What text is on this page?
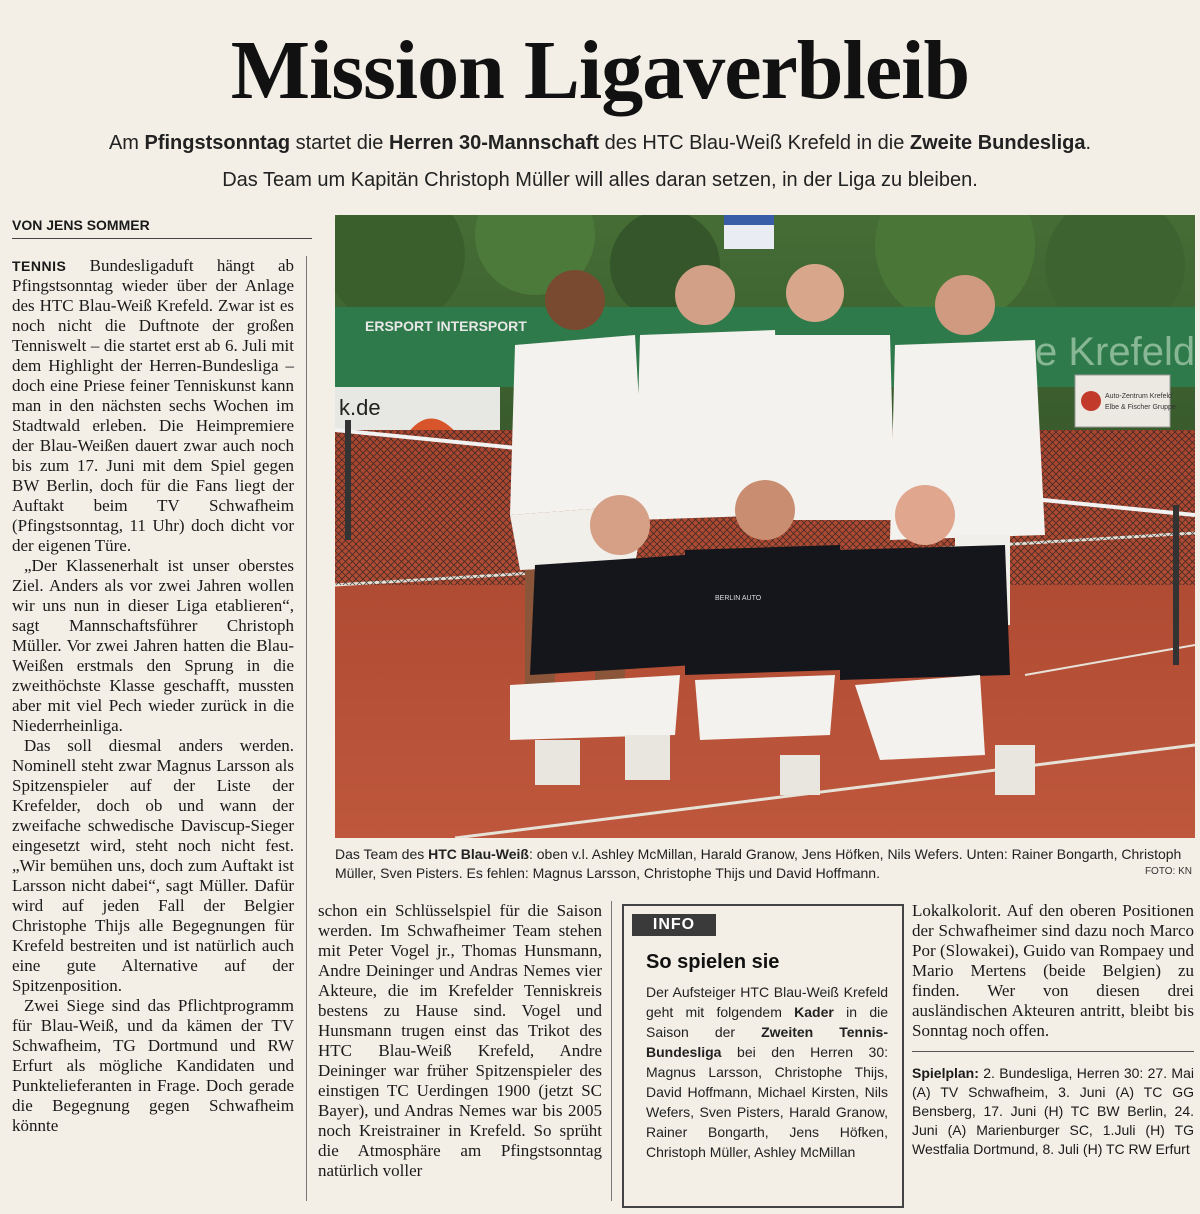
Mission Ligaverbleib
Am Pfingstsonntag startet die Herren 30-Mannschaft des HTC Blau-Weiß Krefeld in die Zweite Bundesliga.
Das Team um Kapitän Christoph Müller will alles daran setzen, in der Liga zu bleiben.
VON JENS SOMMER

TENNIS Bundesligaduft hängt ab Pfingstsonntag wieder über der Anlage des HTC Blau-Weiß Krefeld. Zwar ist es noch nicht die Duftnote der großen Tenniswelt – die startet erst ab 6. Juli mit dem Highlight der Herren-Bundesliga – doch eine Priese feiner Tenniskunst kann man in den nächsten sechs Wochen im Stadtwald erleben. Die Heimpremiere der Blau-Weißen dauert zwar auch noch bis zum 17. Juni mit dem Spiel gegen BW Berlin, doch für die Fans liegt der Auftakt beim TV Schwafheim (Pfingstsonntag, 11 Uhr) doch dicht vor der eigenen Türe.

„Der Klassenerhalt ist unser oberstes Ziel. Anders als vor zwei Jahren wollen wir uns nun in dieser Liga etablieren“, sagt Mannschaftsführer Christoph Müller. Vor zwei Jahren hatten die Blau-Weißen erstmals den Sprung in die zweithöchste Klasse geschafft, mussten aber mit viel Pech wieder zurück in die Niederrheinliga.

Das soll diesmal anders werden. Nominell steht zwar Magnus Larsson als Spitzenspieler auf der Liste der Krefelder, doch ob und wann der zweifache schwedische Daviscup-Sieger eingesetzt wird, steht noch nicht fest. „Wir bemühen uns, doch zum Auftakt ist Larsson nicht dabei“, sagt Müller. Dafür wird auf jeden Fall der Belgier Christophe Thijs alle Begegnungen für Krefeld bestreiten und ist natürlich auch eine gute Alternative auf der Spitzenposition.

Zwei Siege sind das Pflichtprogramm für Blau-Weiß, und da kämen der TV Schwafheim, TG Dortmund und RW Erfurt als mögliche Kandidaten und Punktelieferanten in Frage. Doch gerade die Begegnung gegen Schwafheim könnte

ERSPORT INTERSPORT
e Krefeld
k.de	Auto-Zentrum Krefeld
Elbe & Fischer Gruppe
BERLIN AUTO
Das Team des HTC Blau-Weiß: oben v.l. Ashley McMillan, Harald Granow, Jens Höfken, Nils Wefers. Unten: Rainer Bongarth, Christoph Müller, Sven Pisters. Es fehlen: Magnus Larsson, Christophe Thijs und David Hoffmann.	FOTO: KN

schon ein Schlüsselspiel für die Saison werden. Im Schwafheimer Team stehen mit Peter Vogel jr., Thomas Hunsmann, Andre Deininger und Andras Nemes vier Akteure, die im Krefelder Tenniskreis bestens zu Hause sind. Vogel und Hunsmann trugen einst das Trikot des HTC Blau-Weiß Krefeld, Andre Deininger war früher Spitzenspieler des einstigen TC Uerdingen 1900 (jetzt SC Bayer), und Andras Nemes war bis 2005 noch Kreistrainer in Krefeld. So sprüht die Atmosphäre am Pfingstsonntag natürlich voller

INFO
So spielen sie
Der Aufsteiger HTC Blau-Weiß Krefeld geht mit folgendem Kader in die Saison der Zweiten Tennis-Bundesliga bei den Herren 30: Magnus Larsson, Christophe Thijs, David Hoffmann, Michael Kirsten, Nils Wefers, Sven Pisters, Harald Granow, Rainer Bongarth, Jens Höfken, Christoph Müller, Ashley McMillan

Lokalkolorit. Auf den oberen Positionen der Schwafheimer sind dazu noch Marco Por (Slowakei), Guido van Rompaey und Mario Mertens (beide Belgien) zu finden. Wer von diesen drei ausländischen Akteuren antritt, bleibt bis Sonntag noch offen.

Spielplan: 2. Bundesliga, Herren 30: 27. Mai (A) TV Schwafheim, 3. Juni (A) TC GG Bensberg, 17. Juni (H) TC BW Berlin, 24. Juni (A) Marienburger SC, 1.Juli (H) TG Westfalia Dortmund, 8. Juli (H) TC RW Erfurt
